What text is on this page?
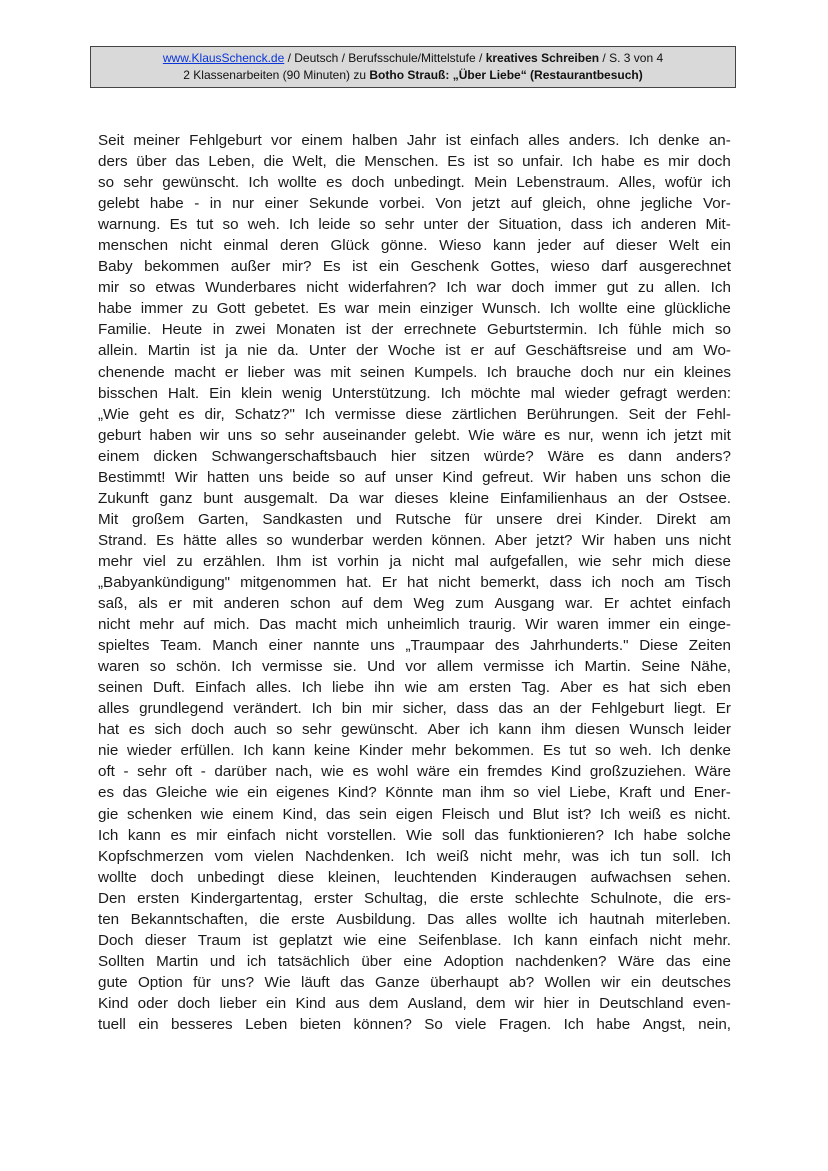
www.KlausSchenck.de / Deutsch / Berufsschule/Mittelstufe / kreatives Schreiben / S. 3 von 4
2 Klassenarbeiten (90 Minuten) zu Botho Strauß: „Über Liebe“ (Restaurantbesuch)
Seit meiner Fehlgeburt vor einem halben Jahr ist einfach alles anders. Ich denke an-
ders über das Leben, die Welt, die Menschen. Es ist so unfair. Ich habe es mir doch
so sehr gewünscht. Ich wollte es doch unbedingt. Mein Lebenstraum. Alles, wofür ich
gelebt habe - in nur einer Sekunde vorbei. Von jetzt auf gleich, ohne jegliche Vor-
warnung. Es tut so weh. Ich leide so sehr unter der Situation, dass ich anderen Mit-
menschen nicht einmal deren Glück gönne. Wieso kann jeder auf dieser Welt ein
Baby bekommen außer mir? Es ist ein Geschenk Gottes, wieso darf ausgerechnet
mir so etwas Wunderbares nicht widerfahren? Ich war doch immer gut zu allen. Ich
habe immer zu Gott gebetet. Es war mein einziger Wunsch. Ich wollte eine glückliche
Familie. Heute in zwei Monaten ist der errechnete Geburtstermin. Ich fühle mich so
allein. Martin ist ja nie da. Unter der Woche ist er auf Geschäftsreise und am Wo-
chenende macht er lieber was mit seinen Kumpels. Ich brauche doch nur ein kleines
bisschen Halt. Ein klein wenig Unterstützung. Ich möchte mal wieder gefragt werden:
„Wie geht es dir, Schatz?" Ich vermisse diese zärtlichen Berührungen. Seit der Fehl-
geburt haben wir uns so sehr auseinander gelebt. Wie wäre es nur, wenn ich jetzt mit
einem dicken Schwangerschaftsbauch hier sitzen würde? Wäre es dann anders?
Bestimmt! Wir hatten uns beide so auf unser Kind gefreut. Wir haben uns schon die
Zukunft ganz bunt ausgemalt. Da war dieses kleine Einfamilienhaus an der Ostsee.
Mit großem Garten, Sandkasten und Rutsche für unsere drei Kinder. Direkt am
Strand. Es hätte alles so wunderbar werden können. Aber jetzt? Wir haben uns nicht
mehr viel zu erzählen. Ihm ist vorhin ja nicht mal aufgefallen, wie sehr mich diese
„Babyankündigung" mitgenommen hat. Er hat nicht bemerkt, dass ich noch am Tisch
saß, als er mit anderen schon auf dem Weg zum Ausgang war. Er achtet einfach
nicht mehr auf mich. Das macht mich unheimlich traurig. Wir waren immer ein einge-
spieltes Team. Manch einer nannte uns „Traumpaar des Jahrhunderts." Diese Zeiten
waren so schön. Ich vermisse sie. Und vor allem vermisse ich Martin. Seine Nähe,
seinen Duft. Einfach alles. Ich liebe ihn wie am ersten Tag. Aber es hat sich eben
alles grundlegend verändert. Ich bin mir sicher, dass das an der Fehlgeburt liegt. Er
hat es sich doch auch so sehr gewünscht. Aber ich kann ihm diesen Wunsch leider
nie wieder erfüllen. Ich kann keine Kinder mehr bekommen. Es tut so weh. Ich denke
oft - sehr oft - darüber nach, wie es wohl wäre ein fremdes Kind großzuziehen. Wäre
es das Gleiche wie ein eigenes Kind? Könnte man ihm so viel Liebe, Kraft und Ener-
gie schenken wie einem Kind, das sein eigen Fleisch und Blut ist? Ich weiß es nicht.
Ich kann es mir einfach nicht vorstellen. Wie soll das funktionieren? Ich habe solche
Kopfschmerzen vom vielen Nachdenken. Ich weiß nicht mehr, was ich tun soll. Ich
wollte doch unbedingt diese kleinen, leuchtenden Kinderaugen aufwachsen sehen.
Den ersten Kindergartentag, erster Schultag, die erste schlechte Schulnote, die ers-
ten Bekanntschaften, die erste Ausbildung. Das alles wollte ich hautnah miterleben.
Doch dieser Traum ist geplatzt wie eine Seifenblase. Ich kann einfach nicht mehr.
Sollten Martin und ich tatsächlich über eine Adoption nachdenken? Wäre das eine
gute Option für uns? Wie läuft das Ganze überhaupt ab? Wollen wir ein deutsches
Kind oder doch lieber ein Kind aus dem Ausland, dem wir hier in Deutschland even-
tuell ein besseres Leben bieten können? So viele Fragen. Ich habe Angst, nein,
